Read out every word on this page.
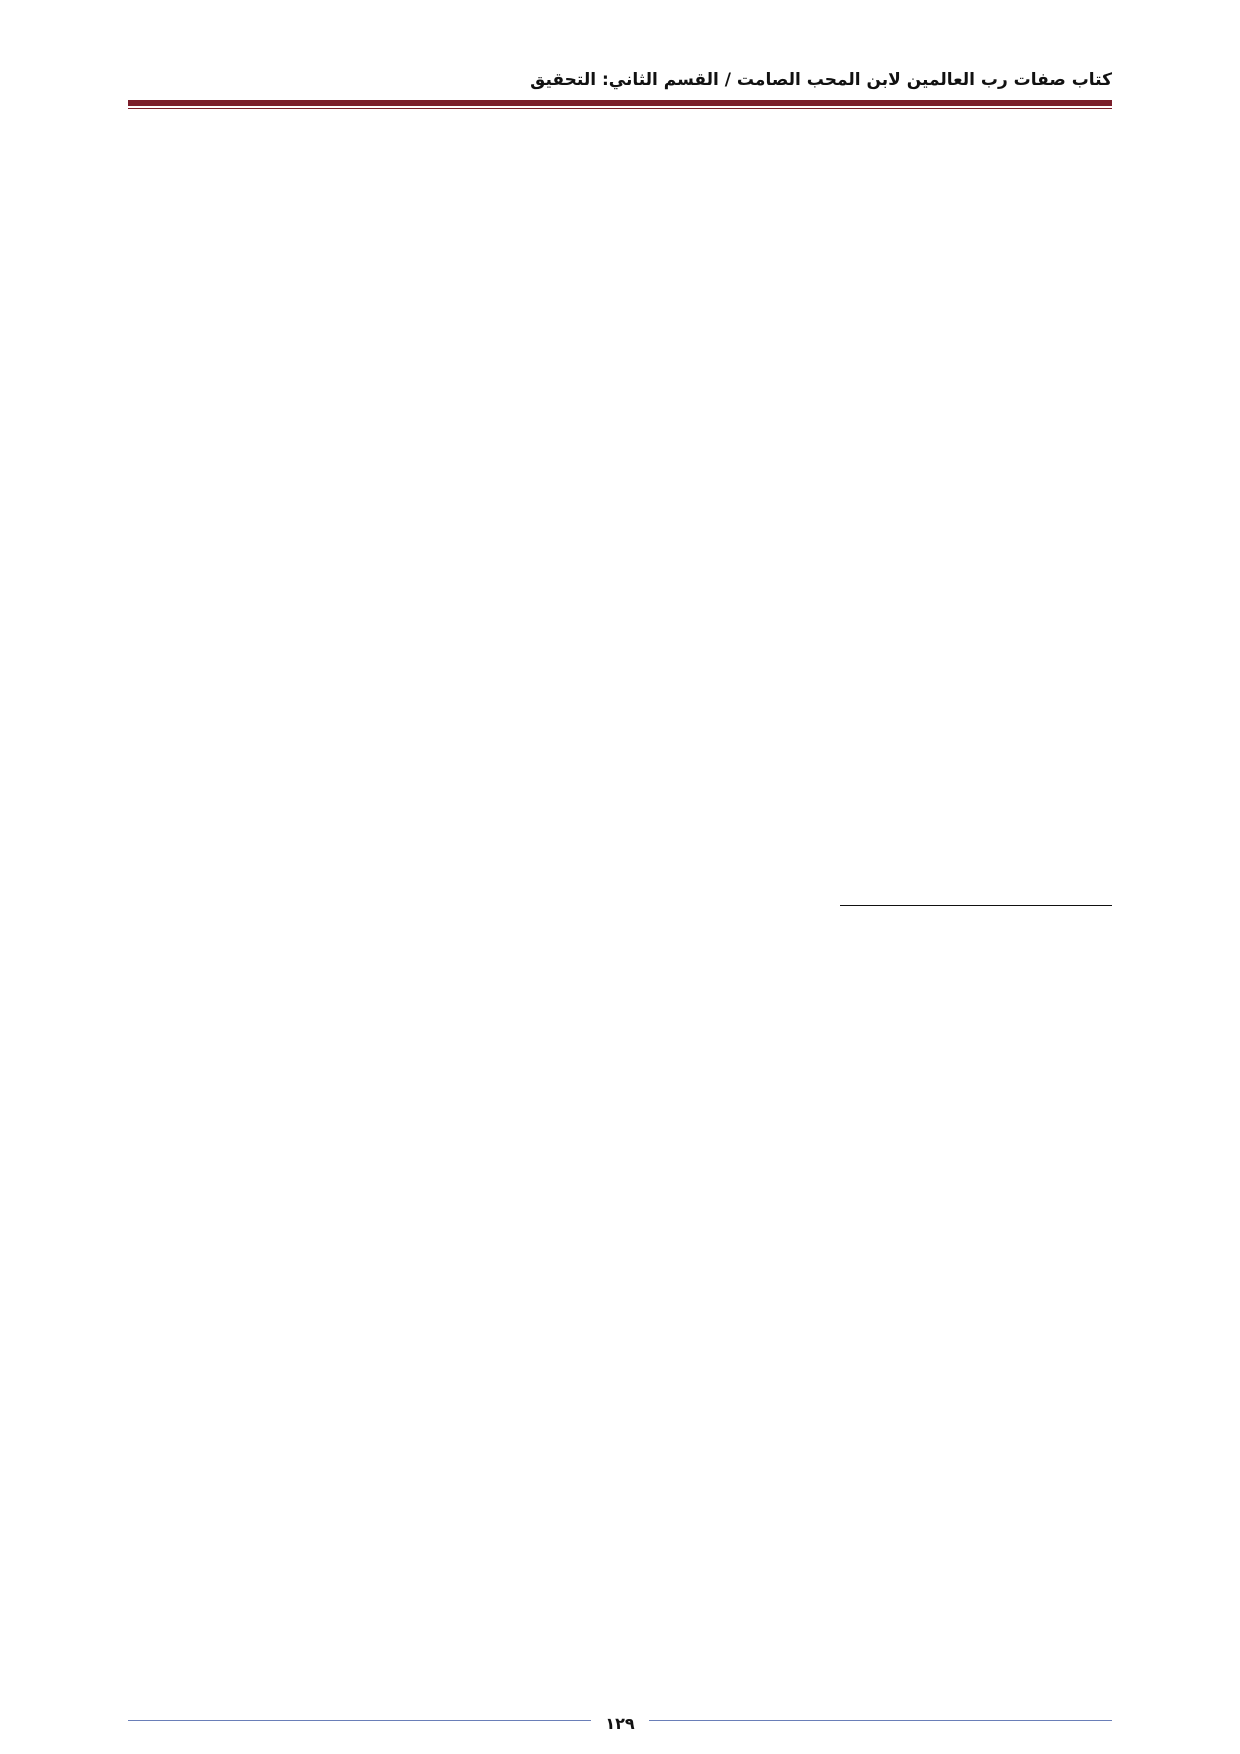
كتاب صفات رب العالمين لابن المحب الصامت / القسم الثاني: التحقيق

١٢٩
